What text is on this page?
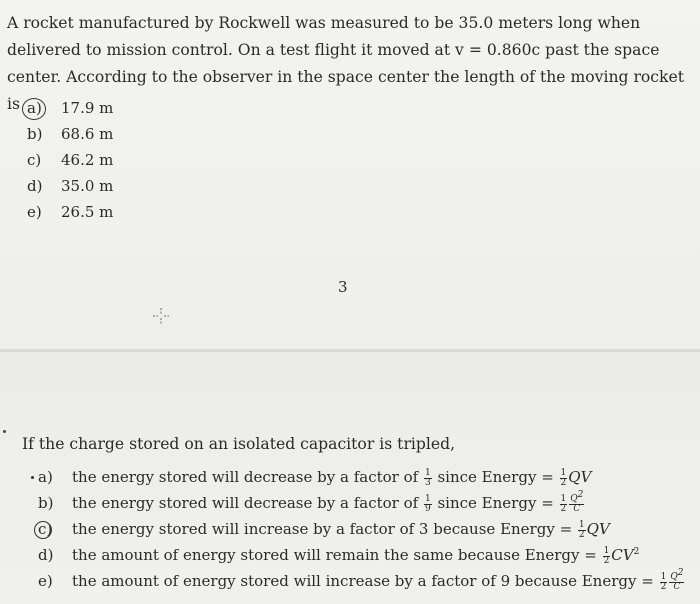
A rocket manufactured by Rockwell was measured to be 35.0 meters long when delivered to mission control. On a test flight it moved at v = 0.860c past the space center. According to the observer in the space center the length of the moving rocket is a) 17.9 m
b) 68.6 m
c) 46.2 m
d) 35.0 m
e) 26.5 m

3

If the charge stored on an isolated capacitor is tripled,

a) the energy stored will decrease by a factor of $\frac{1}{3}$ since Energy = $\frac{1}{2}$ QV
b) the energy stored will decrease by a factor of $\frac{1}{9}$ since Energy = $\frac{1}{2} \frac{Q2}{C}$
c) the energy stored will increase by a factor of 3 because Energy = $\frac{1}{2}$ QV
d) the amount of energy stored will remain the same because Energy = $\frac{1}{2} CV^2$
e) the amount of energy stored will increase by a factor of 9 because Energy = $\frac{1}{2} \frac{Q2}{C}$
